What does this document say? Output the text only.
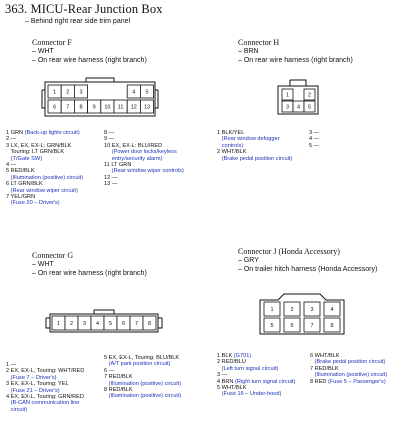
363. MICU-Rear Junction Box
– Behind right rear side trim panel
Connector F
– WHT
– On rear wire harness (right branch)
1 2 3	4 5
6 7 8 9 10 11 12 13
1 GRN (Back-up lights circuit)
2 —
3 LX, EX, EX-L: GRN/BLK
Touring: LT GRN/BLK
(T/Gate SW)
4 —
5 RED/BLK
(Illumination (positive) circuit)
6 LT GRN/BLK
(Rear window wiper circuit)
7 YEL/GRN
(Fuse 20 – Driver's)
8 —
9 —
10 EX, EX-L: BLU/RED
(Power door locks/keyless
entry/security alarm)
11 LT GRN
(Rear window wiper controls)
12 —
13 —
Connector H
– BRN
– On rear wire harness (right branch)
1	2
3 4 5
1 BLK/YEL
(Rear window defogger
controls)
2 WHT/BLK
(Brake pedal position circuit)
3 —
4 —
5 —
Connector G
– WHT
– On rear wire harness (right branch)
1 2 3 4 5 6 7 8
1 —
2 EX, EX-L, Touring: WHT/RED
(Fuse 7 – Driver's)
3 EX, EX-L, Touring: YEL
(Fuse 21 – Driver's)
4 EX, EX-L, Touring: GRN/RED
(B-CAN communication line
circuit)
5 EX, EX-L, Touring: BLU/BLK
(A/T park position circuit)
6 —
7 RED/BLK
(Illumination (positive) circuit)
8 RED/BLK
(Illumination (positive) circuit)
Connector J (Honda Accessory)
– GRY
– On trailer hitch harness (Honda Accessory)
1	2	3	4
5	6	7	8
1 BLK (G701)
2 RED/BLU
(Left turn signal circuit)
3 —
4 BRN (Right turn signal circuit)
5 WHT/BLK
(Fuse 16 – Under-hood)
6 WHT/BLK
(Brake pedal position circuit)
7 RED/BLK
(Illumination (positive) circuit)
8 RED (Fuse 5 – Passenger's)
